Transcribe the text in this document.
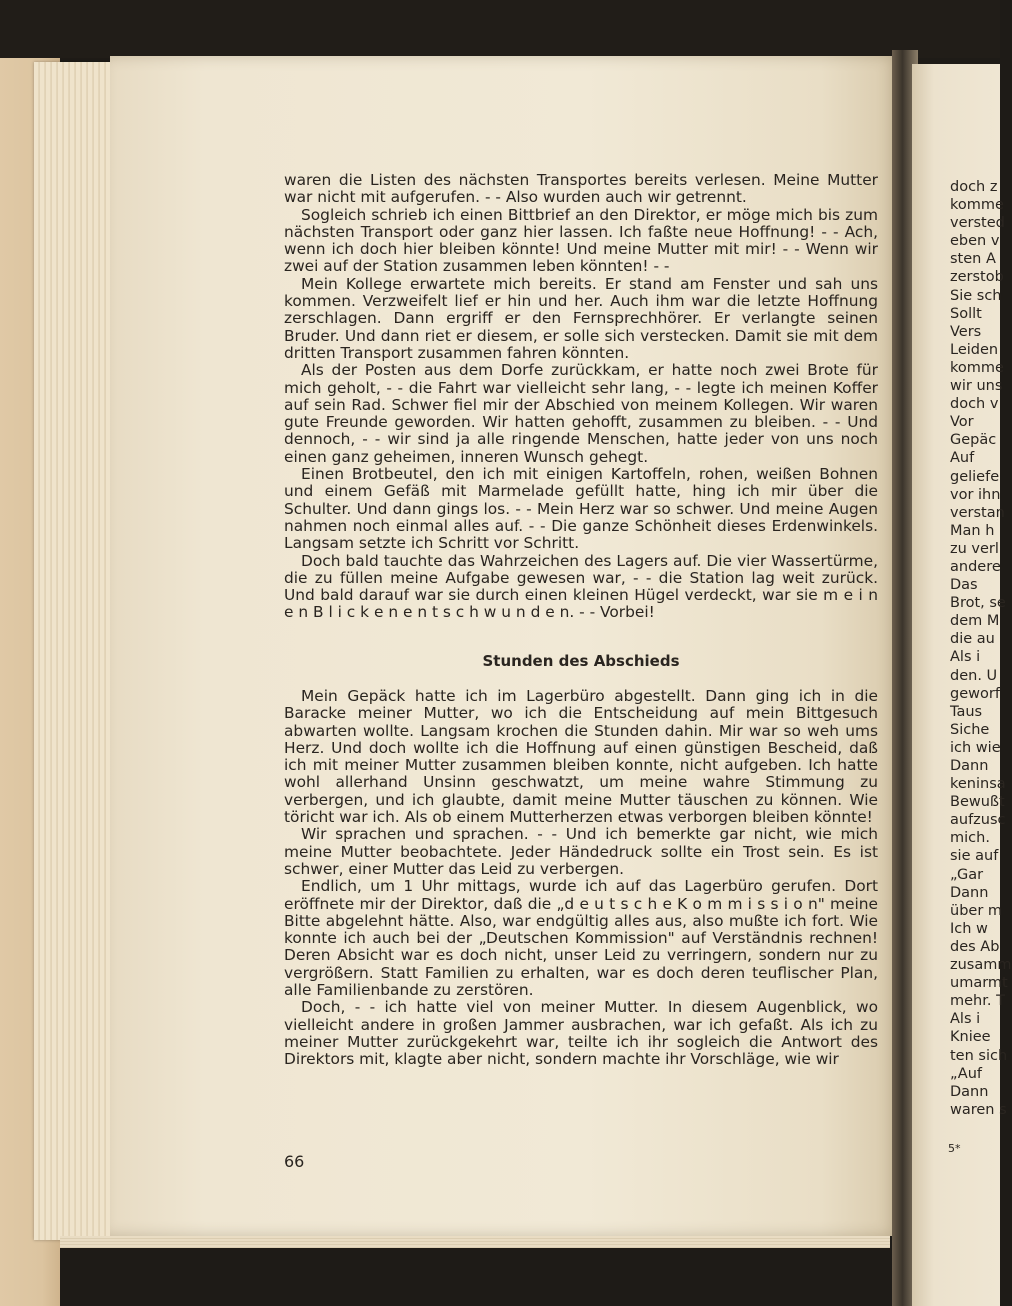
waren die Listen des nächsten Transportes bereits verlesen. Meine Mutter war nicht mit aufgerufen. - - Also wurden auch wir getrennt.

Sogleich schrieb ich einen Bittbrief an den Direktor, er möge mich bis zum nächsten Transport oder ganz hier lassen. Ich faßte neue Hoffnung! - - Ach, wenn ich doch hier bleiben könnte! Und meine Mutter mit mir! - - Wenn wir zwei auf der Station zusammen leben könnten! - -

Mein Kollege erwartete mich bereits. Er stand am Fenster und sah uns kommen. Verzweifelt lief er hin und her. Auch ihm war die letzte Hoffnung zerschlagen. Dann ergriff er den Fernsprechhörer. Er verlangte seinen Bruder. Und dann riet er diesem, er solle sich verstecken. Damit sie mit dem dritten Transport zusammen fahren könnten.

Als der Posten aus dem Dorfe zurückkam, er hatte noch zwei Brote für mich geholt, - - die Fahrt war vielleicht sehr lang, - - legte ich meinen Koffer auf sein Rad. Schwer fiel mir der Abschied von meinem Kollegen. Wir waren gute Freunde geworden. Wir hatten gehofft, zusammen zu bleiben. - - Und dennoch, - - wir sind ja alle ringende Menschen, hatte jeder von uns noch einen ganz geheimen, inneren Wunsch gehegt.

Einen Brotbeutel, den ich mit einigen Kartoffeln, rohen, weißen Bohnen und einem Gefäß mit Marmelade gefüllt hatte, hing ich mir über die Schulter. Und dann gings los. - - Mein Herz war so schwer. Und meine Augen nahmen noch einmal alles auf. - - Die ganze Schönheit dieses Erdenwinkels. Langsam setzte ich Schritt vor Schritt.

Doch bald tauchte das Wahrzeichen des Lagers auf. Die vier Wassertürme, die zu füllen meine Aufgabe gewesen war, - - die Station lag weit zurück. Und bald darauf war sie durch einen kleinen Hügel verdeckt, war sie m e i n e n B l i c k e n e n t s c h w u n d e n. - - Vorbei!

Stunden des Abschieds

Mein Gepäck hatte ich im Lagerbüro abgestellt. Dann ging ich in die Baracke meiner Mutter, wo ich die Entscheidung auf mein Bittgesuch abwarten wollte. Langsam krochen die Stunden dahin. Mir war so weh ums Herz. Und doch wollte ich die Hoffnung auf einen günstigen Bescheid, daß ich mit meiner Mutter zusammen bleiben konnte, nicht aufgeben. Ich hatte wohl allerhand Unsinn geschwatzt, um meine wahre Stimmung zu verbergen, und ich glaubte, damit meine Mutter täuschen zu können. Wie töricht war ich. Als ob einem Mutterherzen etwas verborgen bleiben könnte!

Wir sprachen und sprachen. - - Und ich bemerkte gar nicht, wie mich meine Mutter beobachtete. Jeder Händedruck sollte ein Trost sein. Es ist schwer, einer Mutter das Leid zu verbergen.

Endlich, um 1 Uhr mittags, wurde ich auf das Lagerbüro gerufen. Dort eröffnete mir der Direktor, daß die „d e u t s c h e K o m m i s s i o n" meine Bitte abgelehnt hätte. Also, war endgültig alles aus, also mußte ich fort. Wie konnte ich auch bei der „Deutschen Kommission" auf Verständnis rechnen! Deren Absicht war es doch nicht, unser Leid zu verringern, sondern nur zu vergrößern. Statt Familien zu erhalten, war es doch deren teuflischer Plan, alle Familienbande zu zerstören.

Doch, - - ich hatte viel von meiner Mutter. In diesem Augenblick, wo vielleicht andere in großen Jammer ausbrachen, war ich gefaßt. Als ich zu meiner Mutter zurückgekehrt war, teilte ich ihr sogleich die Antwort des Direktors mit, klagte aber nicht, sondern machte ihr Vorschläge, wie wir

66
doch z
komme
versted
eben v
sten A
zerstob
Sie sch
Sollt
Vers
Leiden
komme
wir uns
doch v
Vor
Gepäc
Auf
geliefe
vor ihn
verstan
Man h
zu verl
andere
Das
Brot, se
dem M
die au
Als i
den. U
geworf
Taus
Siche
ich wie
Dann
keninsa
Bewußt
aufzusc
mich.
sie auf
„Gar
Dann
über m
Ich w
des Ab
zusamm
umarmt
mehr. T
Als i
Kniee
ten sich
„Auf
Dann
waren s
5*
